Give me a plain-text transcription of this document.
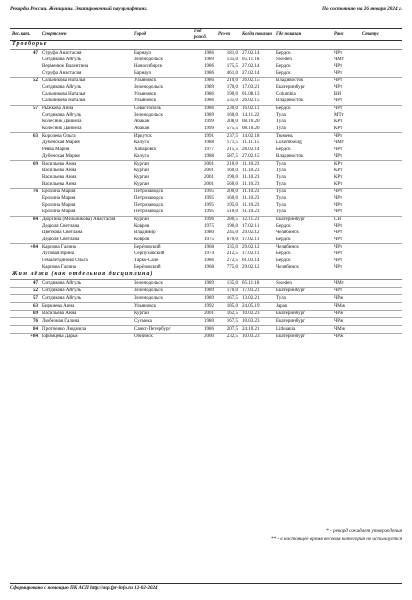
Рекорды России. Женщины. Экипировочный пауэрлифтинг.	По состоянию на 26 января 2024 г.
Вес.кат.	Спортсмен	Город	Год рожд.	Рез-т	Когда показан	Где показан	Ранг	Статус
Троеборье								
47	Струфа Анастасия	Барнаул	1986	181,0	27.02.14	Бердск	ЧРт	
	Ситдикова Айгуль	Зеленодольск	1989	135,0	05.11.18	Sweden	ЧМт	
	Верменюк Валентина	Новосибирск	1986	175,5	27.02.14	Бердск	ЧРт	
	Струфа Анастасия	Барнаул	1986	461,0	27.02.14	Бердск	ЧРт	
52	Сальникова Наталья	Ульяновск	1986	210,0	26.02.15	Владивосток	ЧРт	
	Ситдикова Айгуль	Зеленодольск	1989	170,0	17.03.21	Екатеринбург	ЧРт	
	Сальникова Наталья	Ульяновск	1986	190,0	01.08.13	Columbia	ВИ	
	Сальникова Наталья	Ульяновск	1986	535,0	26.02.15	Владивосток	ЧРт	
57	Рыжкова Анна	Севастополь	1986	230,0	16.02.11	Бердск	ЧРт	
	Ситдикова Айгуль	Зеленодольск	1989	160,0	14.11.22	Тула	МТт	
	Колесник Даниела	Абакан	1999	208,0	08.10.20	Тула	КРт	
	Колесник Даниела	Абакан	1999	575,5	08.10.20	Тула	КРт	
63	Королева Ольга	Иркутск	1991	237,5	14.02.18	Тюмень	ЧРт	
	Дубенская Мария	Калуга	1988	171,5	11.11.15	Luxembourg	ЧМт	
	Ревва Мария	Хабаровск	1977	215,5	28.02.14	Бердск	ЧРт	
	Дубенская Мария	Калуга	1988	587,5	27.02.15	Владивосток	ЧРт	
69	Васильева Анна	Курган	2001	210,0	11.10.23	Тула	КРт	
	Васильева Анна	Курган	2001	160,0	11.10.23	Тула	КРт	
	Васильева Анна	Курган	2001	190,0	11.10.23	Тула	КРт	
	Васильева Анна	Курган	2001	560,0	11.10.23	Тула	КРт	
76	Ерохина Мария	Петрозаводск	1995	200,0	11.10.23	Тула	ЧРт	
	Ерохина Мария	Петрозаводск	1995	160,0	11.10.23	Тула	ЧРт	
	Ерохина Мария	Петрозаводск	1995	195,0	11.10.23	Тула	ЧРт	
	Ерохина Мария	Петрозаводск	1995	510,0	11.10.23	Тула	ЧРт	
84	Дюргина (Мельникова) Анастасия	Курган	1996	280,5	12.11.23	Екатеринбург	СН	
	Дедюля Светлана	Ковров	1975	190,0	17.02.11	Бердск	ЧРт	
	Цветкова Светлана	Владимир	1980	245,0	29.02.12	Челябинск	ЧРт	
	Дедюля Светлана	Ковров	1975	670,0	17.02.11	Бердск	ЧРт	
+84	Карпова Галина	Берёзовский	1968	335,0	29.02.12	Челябинск	ЧРт	
	Луговая Ирина	Серпуховский	1974	212,5	17.02.11	Бердск	ЧРт	
	Гемалетдинова Ольга	Тарко-Сале	1986	272,5	01.03.14	Бердск	ЧРт	
	Карпова Галина	Берёзовский	1968	775,0	29.02.12	Челябинск	ЧРт	
Жим лёжа (как отдельная дисциплина)								
47	Ситдикова Айгуль	Зеленодольск	1989	135,0	05.11.18	Sweden	ЧМт	
52	Ситдикова Айгуль	Зеленодольск	1989	170,0	17.03.21	Екатеринбург	ЧРт	
57	Ситдикова Айгуль	Зеленодольск	1989	167,5	13.02.21	Тула	ЧРж	
63	Биркиева Анна	Ульяновск	1992	185,0	24.05.19	Japan	ЧМж	
69	Васильева Анна	Курган	2001	162,5	10.03.23	Екатеринбург	ЧРж	
76	Любезная Галина	Сусмека	1980	167,5	10.03.23	Екатеринбург	ЧРж	
84	Протченко Людмила	Санкт-Петербург	1986	207,5	24.10.21	Lithuania	ЧМж	
+84	Ефимцева Дарья	Обнинск	2000	232,5	10.03.23	Екатеринбург	ЧРж	
* - рекорд ожидает утверждения
** - в настоящее время весовая категория не используется
Сформировано с помощью ПК АСП http://asp.fpr-info.ru 12-02-2024
